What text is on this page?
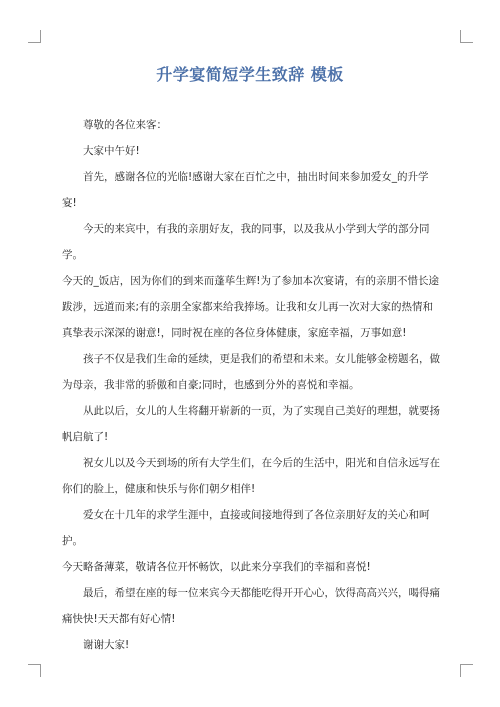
升学宴简短学生致辞 模板

尊敬的各位来客：

大家中午好!

首先，感谢各位的光临!感谢大家在百忙之中，抽出时间来参加爱女_的升学宴!

今天的来宾中，有我的亲朋好友，我的同事，以及我从小学到大学的部分同学。

今天的_饭店，因为你们的到来而蓬荜生辉!为了参加本次宴请，有的亲朋不惜长途跋涉，远道而来;有的亲朋全家都来给我捧场。让我和女儿再一次对大家的热情和真挚表示深深的谢意!，同时祝在座的各位身体健康，家庭幸福，万事如意!

孩子不仅是我们生命的延续，更是我们的希望和未来。女儿能够金榜题名，做为母亲，我非常的骄傲和自豪;同时，也感到分外的喜悦和幸福。

从此以后，女儿的人生将翻开崭新的一页，为了实现自己美好的理想，就要扬帆启航了!

祝女儿以及今天到场的所有大学生们，在今后的生活中，阳光和自信永远写在你们的脸上，健康和快乐与你们朝夕相伴!

爱女在十几年的求学生涯中，直接或间接地得到了各位亲朋好友的关心和呵护。

今天略备薄菜，敬请各位开怀畅饮，以此来分享我们的幸福和喜悦!

最后，希望在座的每一位来宾今天都能吃得开开心心，饮得高高兴兴，喝得痛痛快快!天天都有好心情!

谢谢大家!
